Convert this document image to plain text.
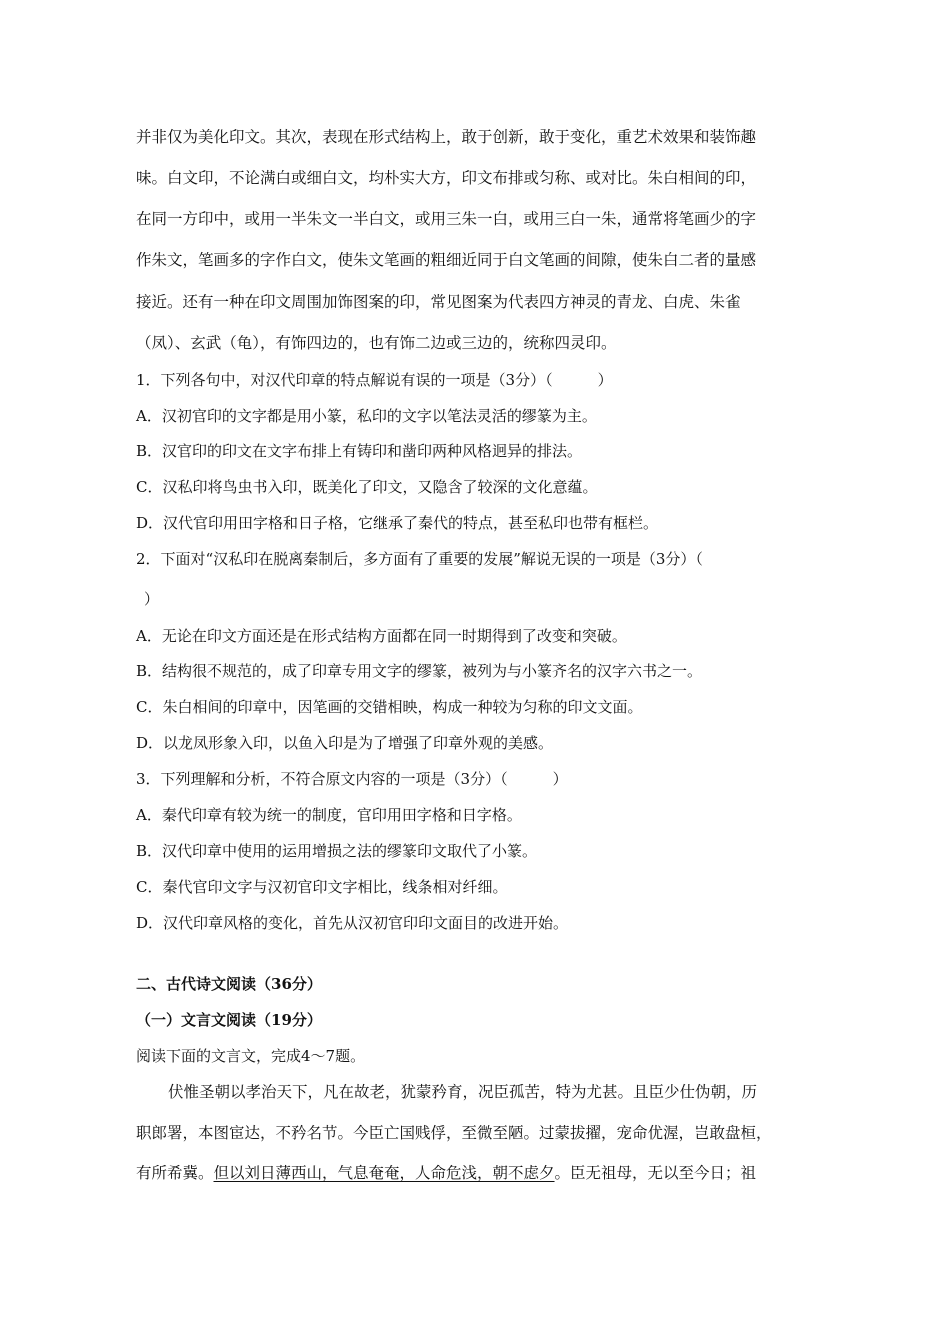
并非仅为美化印文。其次，表现在形式结构上，敢于创新，敢于变化，重艺术效果和装饰趣
味。白文印，不论满白或细白文，均朴实大方，印文布排或匀称、或对比。朱白相间的印，
在同一方印中，或用一半朱文一半白文，或用三朱一白，或用三白一朱，通常将笔画少的字
作朱文，笔画多的字作白文，使朱文笔画的粗细近同于白文笔画的间隙，使朱白二者的量感
接近。还有一种在印文周围加饰图案的印，常见图案为代表四方神灵的青龙、白虎、朱雀
（凤）、玄武（龟），有饰四边的，也有饰二边或三边的，统称四灵印。
1．下列各句中，对汉代印章的特点解说有误的一项是（3分）（　　　）
A．汉初官印的文字都是用小篆，私印的文字以笔法灵活的缪篆为主。
B．汉官印的印文在文字布排上有铸印和凿印两种风格迥异的排法。
C．汉私印将鸟虫书入印，既美化了印文，又隐含了较深的文化意蕴。
D．汉代官印用田字格和日子格，它继承了秦代的特点，甚至私印也带有框栏。
2．下面对“汉私印在脱离秦制后，多方面有了重要的发展”解说无误的一项是（3分）（
）
A．无论在印文方面还是在形式结构方面都在同一时期得到了改变和突破。
B．结构很不规范的，成了印章专用文字的缪篆，被列为与小篆齐名的汉字六书之一。
C．朱白相间的印章中，因笔画的交错相映，构成一种较为匀称的印文文面。
D．以龙凤形象入印，以鱼入印是为了增强了印章外观的美感。
3．下列理解和分析，不符合原文内容的一项是（3分）（　　　）
A．秦代印章有较为统一的制度，官印用田字格和日字格。
B．汉代印章中使用的运用增损之法的缪篆印文取代了小篆。
C．秦代官印文字与汉初官印文字相比，线条相对纤细。
D．汉代印章风格的变化，首先从汉初官印印文面目的改进开始。
二、古代诗文阅读（36分）
（一）文言文阅读（19分）
阅读下面的文言文，完成4～7题。
伏惟圣朝以孝治天下，凡在故老，犹蒙矜育，况臣孤苦，特为尤甚。且臣少仕伪朝，历
职郎署，本图宦达，不矜名节。今臣亡国贱俘，至微至陋。过蒙拔擢，宠命优渥，岂敢盘桓，
有所希冀。但以刘日薄西山，气息奄奄，人命危浅，朝不虑夕。臣无祖母，无以至今日；祖
